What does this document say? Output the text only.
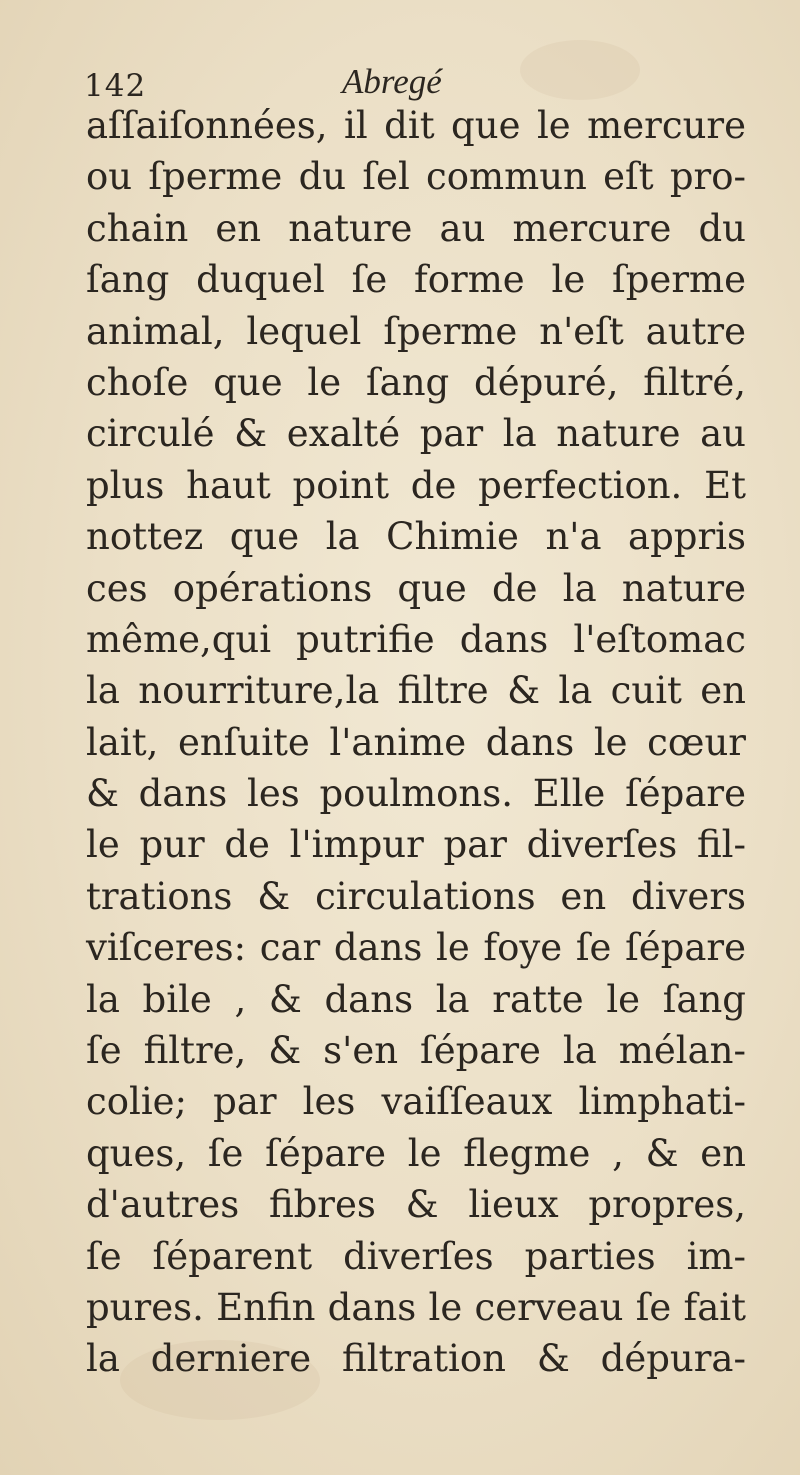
142	Abregé
aſſaiſonnées, il dit que le mercure
ou ſperme du ſel commun eſt pro-
chain en nature au mercure du
ſang duquel ſe forme le ſperme
animal, lequel ſperme n'eſt autre
choſe que le ſang dépuré, filtré,
circulé & exalté par la nature au
plus haut point de perfection. Et
nottez que la Chimie n'a appris
ces opérations que de la nature
même,qui putrifie dans l'eſtomac
la nourriture,la filtre & la cuit en
lait, enſuite l'anime dans le cœur
& dans les poulmons. Elle ſépare
le pur de l'impur par diverſes fil-
trations & circulations en divers
viſceres: car dans le foye ſe ſépare
la bile , & dans la ratte le ſang
ſe filtre, & s'en ſépare la mélan-
colie; par les vaiſſeaux limphati-
ques, ſe ſépare le flegme , & en
d'autres fibres & lieux propres,
ſe ſéparent diverſes parties im-
pures. Enfin dans le cerveau ſe fait
la derniere filtration & dépura-
